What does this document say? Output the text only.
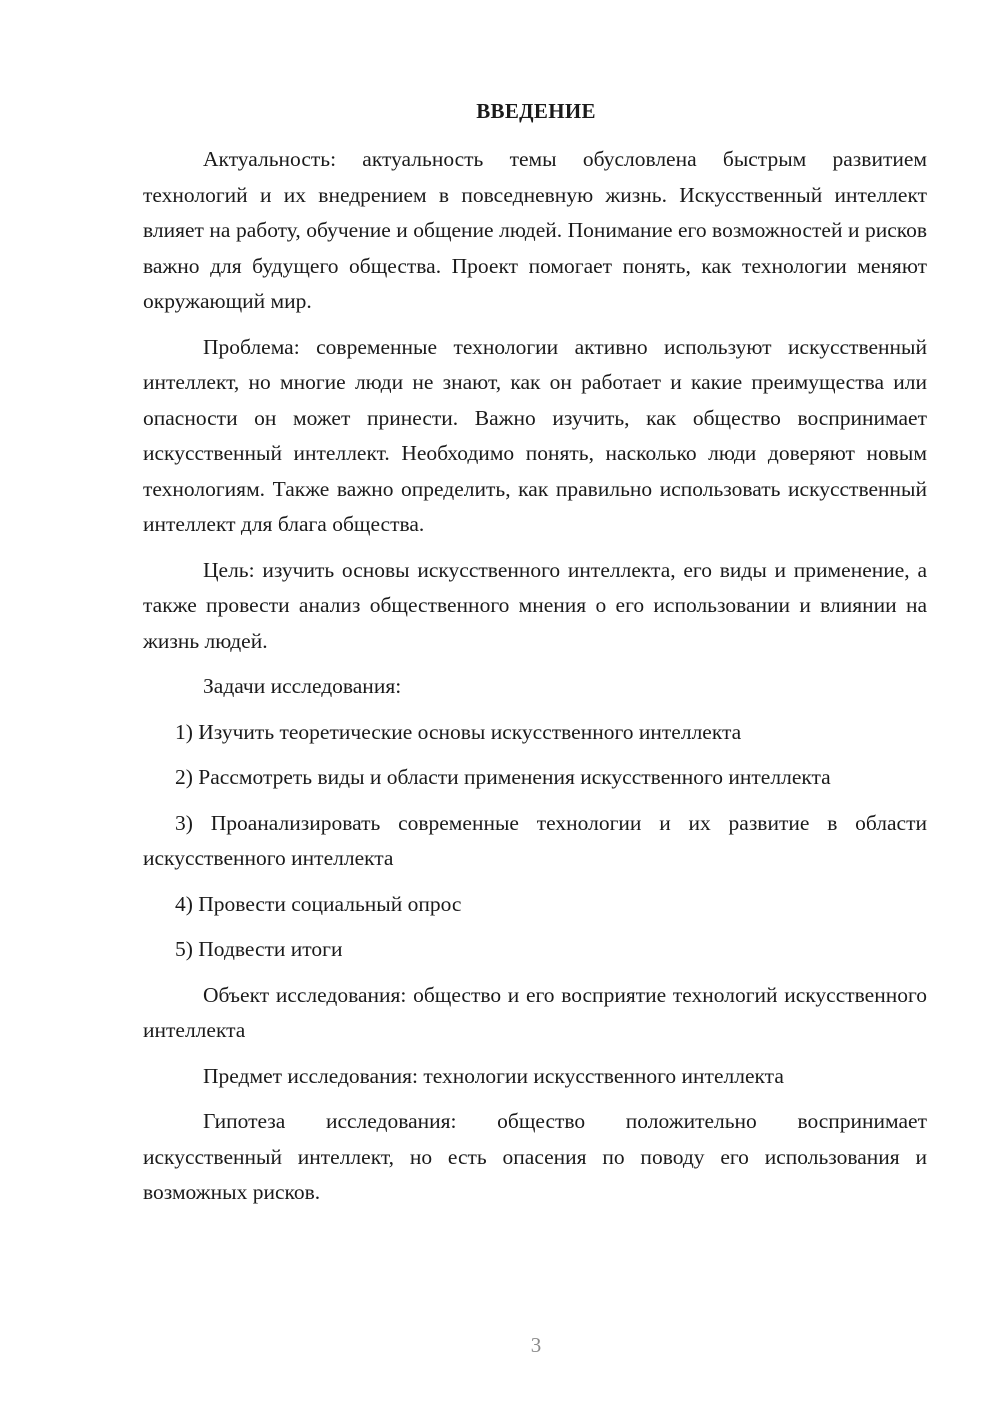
ВВЕДЕНИЕ

Актуальность: актуальность темы обусловлена быстрым развитием технологий и их внедрением в повседневную жизнь. Искусственный интеллект влияет на работу, обучение и общение людей. Понимание его возможностей и рисков важно для будущего общества. Проект помогает понять, как технологии меняют окружающий мир.

Проблема: современные технологии активно используют искусственный интеллект, но многие люди не знают, как он работает и какие преимущества или опасности он может принести. Важно изучить, как общество воспринимает искусственный интеллект. Необходимо понять, насколько люди доверяют новым технологиям. Также важно определить, как правильно использовать искусственный интеллект для блага общества.

Цель: изучить основы искусственного интеллекта, его виды и применение, а также провести анализ общественного мнения о его использовании и влиянии на жизнь людей.

Задачи исследования:

1) Изучить теоретические основы искусственного интеллекта

2) Рассмотреть виды и области применения искусственного интеллекта

3) Проанализировать современные технологии и их развитие в области искусственного интеллекта

4) Провести социальный опрос

5) Подвести итоги

Объект исследования: общество и его восприятие технологий искусственного интеллекта

Предмет исследования: технологии искусственного интеллекта

Гипотеза исследования: общество положительно воспринимает искусственный интеллект, но есть опасения по поводу его использования и возможных рисков.

3
